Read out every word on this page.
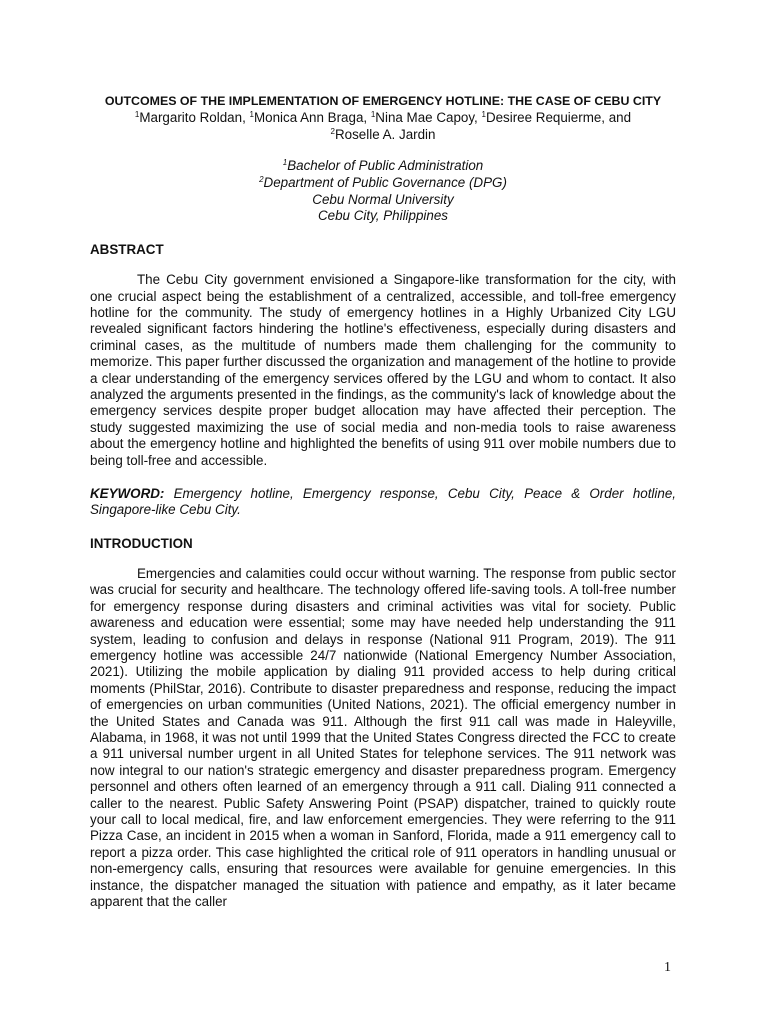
OUTCOMES OF THE IMPLEMENTATION OF EMERGENCY HOTLINE: THE CASE OF CEBU CITY

$^1$Margarito Roldan, $^1$Monica Ann Braga, $^1$Nina Mae Capoy, $^1$Desiree Requierme, and
$^2$Roselle A. Jardin

$^1$Bachelor of Public Administration

$^2$Department of Public Governance (DPG)

Cebu Normal University

Cebu City, Philippines

ABSTRACT

The Cebu City government envisioned a Singapore-like transformation for the city, with one crucial aspect being the establishment of a centralized, accessible, and toll-free emergency hotline for the community. The study of emergency hotlines in a Highly Urbanized City LGU revealed significant factors hindering the hotline's effectiveness, especially during disasters and criminal cases, as the multitude of numbers made them challenging for the community to memorize. This paper further discussed the organization and management of the hotline to provide a clear understanding of the emergency services offered by the LGU and whom to contact. It also analyzed the arguments presented in the findings, as the community's lack of knowledge about the emergency services despite proper budget allocation may have affected their perception. The study suggested maximizing the use of social media and non-media tools to raise awareness about the emergency hotline and highlighted the benefits of using 911 over mobile numbers due to being toll-free and accessible.

KEYWORD: Emergency hotline, Emergency response, Cebu City, Peace & Order hotline, Singapore-like Cebu City.

INTRODUCTION

Emergencies and calamities could occur without warning. The response from public sector was crucial for security and healthcare. The technology offered life-saving tools. A toll-free number for emergency response during disasters and criminal activities was vital for society. Public awareness and education were essential; some may have needed help understanding the 911 system, leading to confusion and delays in response (National 911 Program, 2019). The 911 emergency hotline was accessible 24/7 nationwide (National Emergency Number Association, 2021). Utilizing the mobile application by dialing 911 provided access to help during critical moments (PhilStar, 2016). Contribute to disaster preparedness and response, reducing the impact of emergencies on urban communities (United Nations, 2021). The official emergency number in the United States and Canada was 911. Although the first 911 call was made in Haleyville, Alabama, in 1968, it was not until 1999 that the United States Congress directed the FCC to create a 911 universal number urgent in all United States for telephone services. The 911 network was now integral to our nation's strategic emergency and disaster preparedness program. Emergency personnel and others often learned of an emergency through a 911 call. Dialing 911 connected a caller to the nearest. Public Safety Answering Point (PSAP) dispatcher, trained to quickly route your call to local medical, fire, and law enforcement emergencies. They were referring to the 911 Pizza Case, an incident in 2015 when a woman in Sanford, Florida, made a 911 emergency call to report a pizza order. This case highlighted the critical role of 911 operators in handling unusual or non-emergency calls, ensuring that resources were available for genuine emergencies. In this instance, the dispatcher managed the situation with patience and empathy, as it later became apparent that the caller

1
